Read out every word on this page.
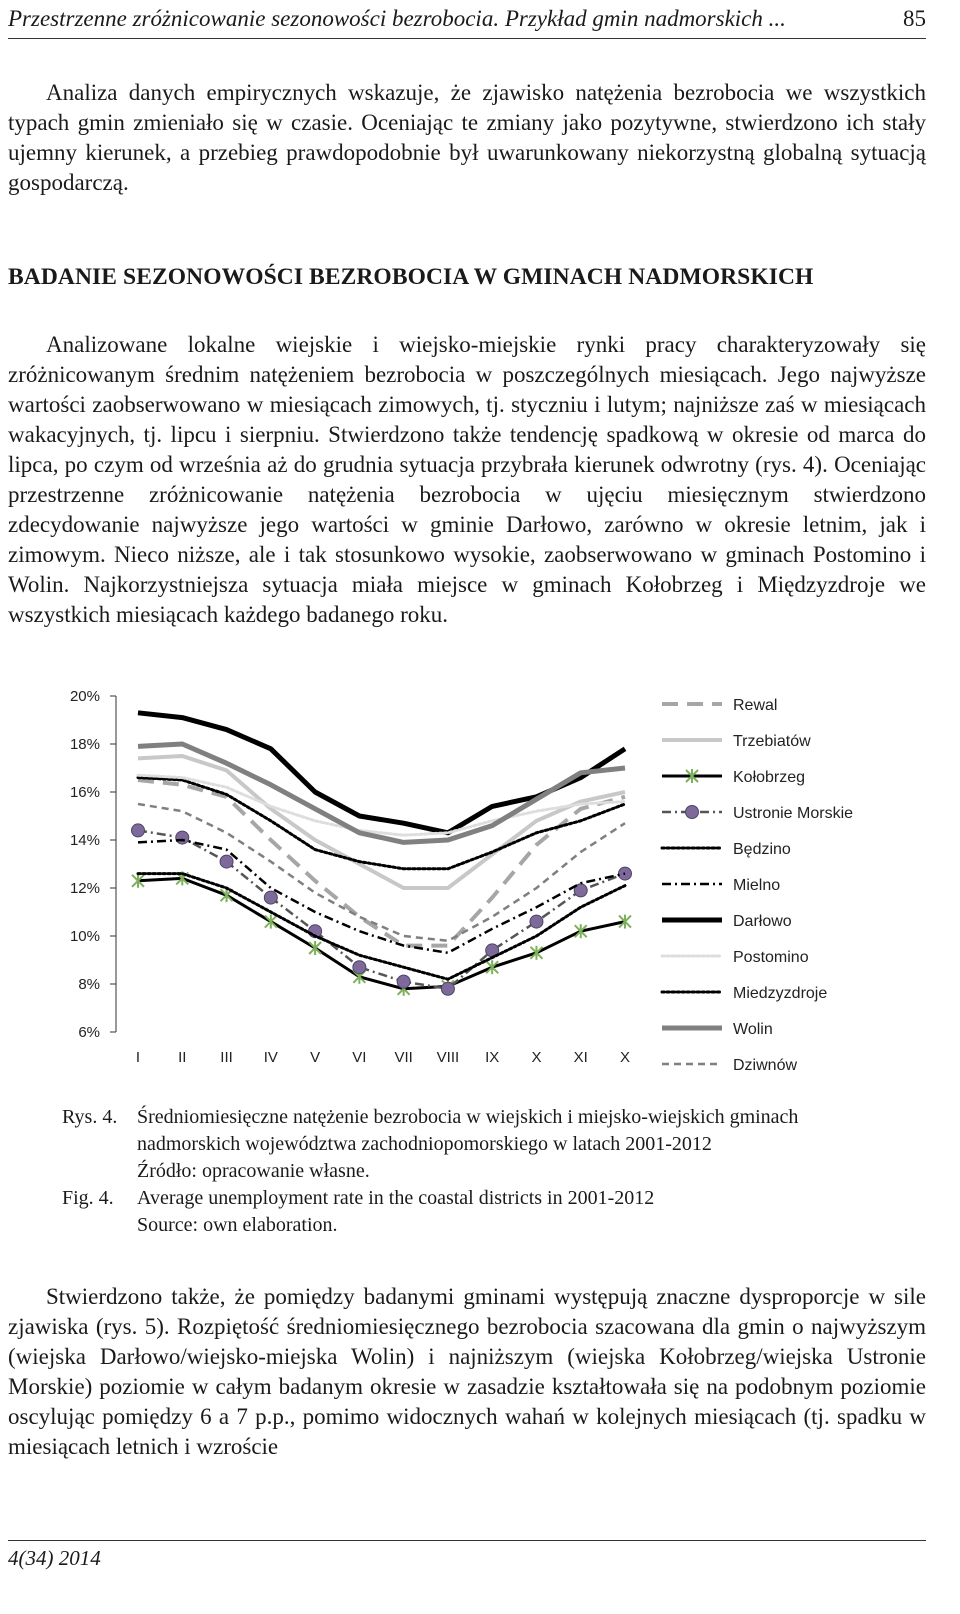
Przestrzenne zróżnicowanie sezonowości bezrobocia. Przykład gmin nadmorskich ...	85

Analiza danych empirycznych wskazuje, że zjawisko natężenia bezrobocia we wszystkich typach gmin zmieniało się w czasie. Oceniając te zmiany jako pozytywne, stwierdzono ich stały ujemny kierunek, a przebieg prawdopodobnie był uwarunkowany niekorzystną globalną sytuacją gospodarczą.

BADANIE SEZONOWOŚCI BEZROBOCIA W GMINACH NADMORSKICH

Analizowane lokalne wiejskie i wiejsko-miejskie rynki pracy charakteryzowały się zróżnicowanym średnim natężeniem bezrobocia w poszczególnych miesiącach. Jego najwyższe wartości zaobserwowano w miesiącach zimowych, tj. styczniu i lutym; najniższe zaś w miesiącach wakacyjnych, tj. lipcu i sierpniu. Stwierdzono także tendencję spadkową w okresie od marca do lipca, po czym od września aż do grudnia sytuacja przybrała kierunek odwrotny (rys. 4). Oceniając przestrzenne zróżnicowanie natężenia bezrobocia w ujęciu miesięcznym stwierdzono zdecydowanie najwyższe jego wartości w gminie Darłowo, zarówno w okresie letnim, jak i zimowym. Nieco niższe, ale i tak stosunkowo wysokie, zaobserwowano w gminach Postomino i Wolin. Najkorzystniejsza sytuacja miała miejsce w gminach Kołobrzeg i Międzyzdroje we wszystkich miesiącach każdego badanego roku.

20%
18%
16%
14%
12%
10%
8%
6%
I	II III IV V VI VII VIII IX X XI X
Rewal
Trzebiatów
Kołobrzeg
Ustronie Morskie
Będzino
Mielno
Darłowo
Postomino
Miedzyzdroje
Wolin
Dziwnów
Rys. 4. Średniomiesięczne natężenie bezrobocia w wiejskich i miejsko-wiejskich gminach nadmorskich województwa zachodniopomorskiego w latach 2001-2012
Źródło: opracowanie własne.
Fig. 4.	Average unemployment rate in the coastal districts in 2001-2012
Source: own elaboration.

Stwierdzono także, że pomiędzy badanymi gminami występują znaczne dysproporcje w sile zjawiska (rys. 5). Rozpiętość średniomiesięcznego bezrobocia szacowana dla gmin o najwyższym (wiejska Darłowo/wiejsko-miejska Wolin) i najniższym (wiejska Kołobrzeg/wiejska Ustronie Morskie) poziomie w całym badanym okresie w zasadzie kształtowała się na podobnym poziomie oscylując pomiędzy 6 a 7 p.p., pomimo widocznych wahań w kolejnych miesiącach (tj. spadku w miesiącach letnich i wzroście

4(34) 2014
